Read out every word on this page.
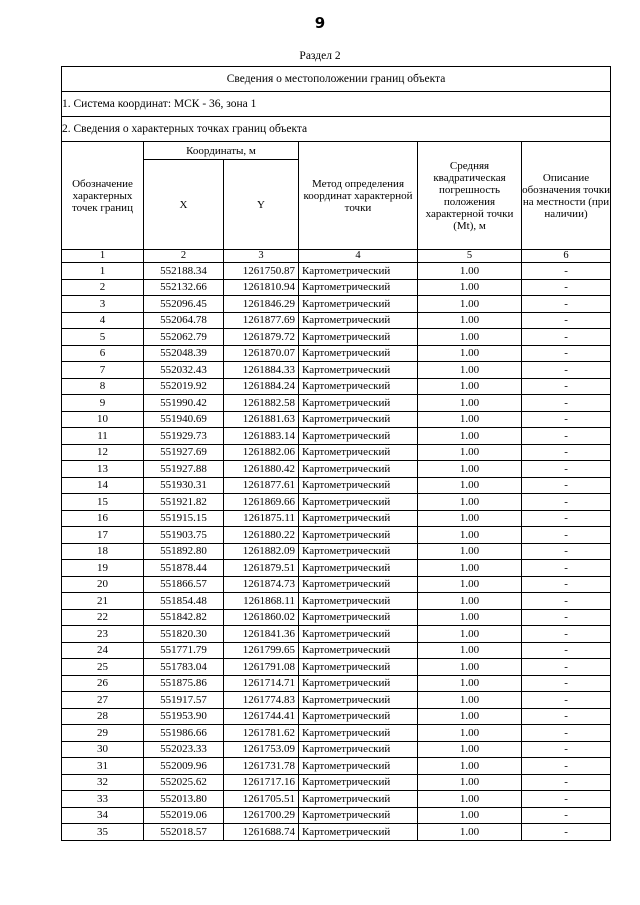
9
Раздел 2
Сведения о местоположении границ объекта					
1. Система координат: МСК - 36, зона 1					
2. Сведения о характерных точках границ объекта					
Обозначение характерных точек границ	Координаты, м		Метод определения координат характерной точки	Средняя квадратическая погрешность положения характерной точки (Mt), м	Описание обозначения точки на местности (при наличии)
	X	Y			
1	2	3	4	5	6
1	552188.34	1261750.87	Картометрический	1.00	-
2	552132.66	1261810.94	Картометрический	1.00	-
3	552096.45	1261846.29	Картометрический	1.00	-
4	552064.78	1261877.69	Картометрический	1.00	-
5	552062.79	1261879.72	Картометрический	1.00	-
6	552048.39	1261870.07	Картометрический	1.00	-
7	552032.43	1261884.33	Картометрический	1.00	-
8	552019.92	1261884.24	Картометрический	1.00	-
9	551990.42	1261882.58	Картометрический	1.00	-
10	551940.69	1261881.63	Картометрический	1.00	-
11	551929.73	1261883.14	Картометрический	1.00	-
12	551927.69	1261882.06	Картометрический	1.00	-
13	551927.88	1261880.42	Картометрический	1.00	-
14	551930.31	1261877.61	Картометрический	1.00	-
15	551921.82	1261869.66	Картометрический	1.00	-
16	551915.15	1261875.11	Картометрический	1.00	-
17	551903.75	1261880.22	Картометрический	1.00	-
18	551892.80	1261882.09	Картометрический	1.00	-
19	551878.44	1261879.51	Картометрический	1.00	-
20	551866.57	1261874.73	Картометрический	1.00	-
21	551854.48	1261868.11	Картометрический	1.00	-
22	551842.82	1261860.02	Картометрический	1.00	-
23	551820.30	1261841.36	Картометрический	1.00	-
24	551771.79	1261799.65	Картометрический	1.00	-
25	551783.04	1261791.08	Картометрический	1.00	-
26	551875.86	1261714.71	Картометрический	1.00	-
27	551917.57	1261774.83	Картометрический	1.00	-
28	551953.90	1261744.41	Картометрический	1.00	-
29	551986.66	1261781.62	Картометрический	1.00	-
30	552023.33	1261753.09	Картометрический	1.00	-
31	552009.96	1261731.78	Картометрический	1.00	-
32	552025.62	1261717.16	Картометрический	1.00	-
33	552013.80	1261705.51	Картометрический	1.00	-
34	552019.06	1261700.29	Картометрический	1.00	-
35	552018.57	1261688.74	Картометрический	1.00	-
